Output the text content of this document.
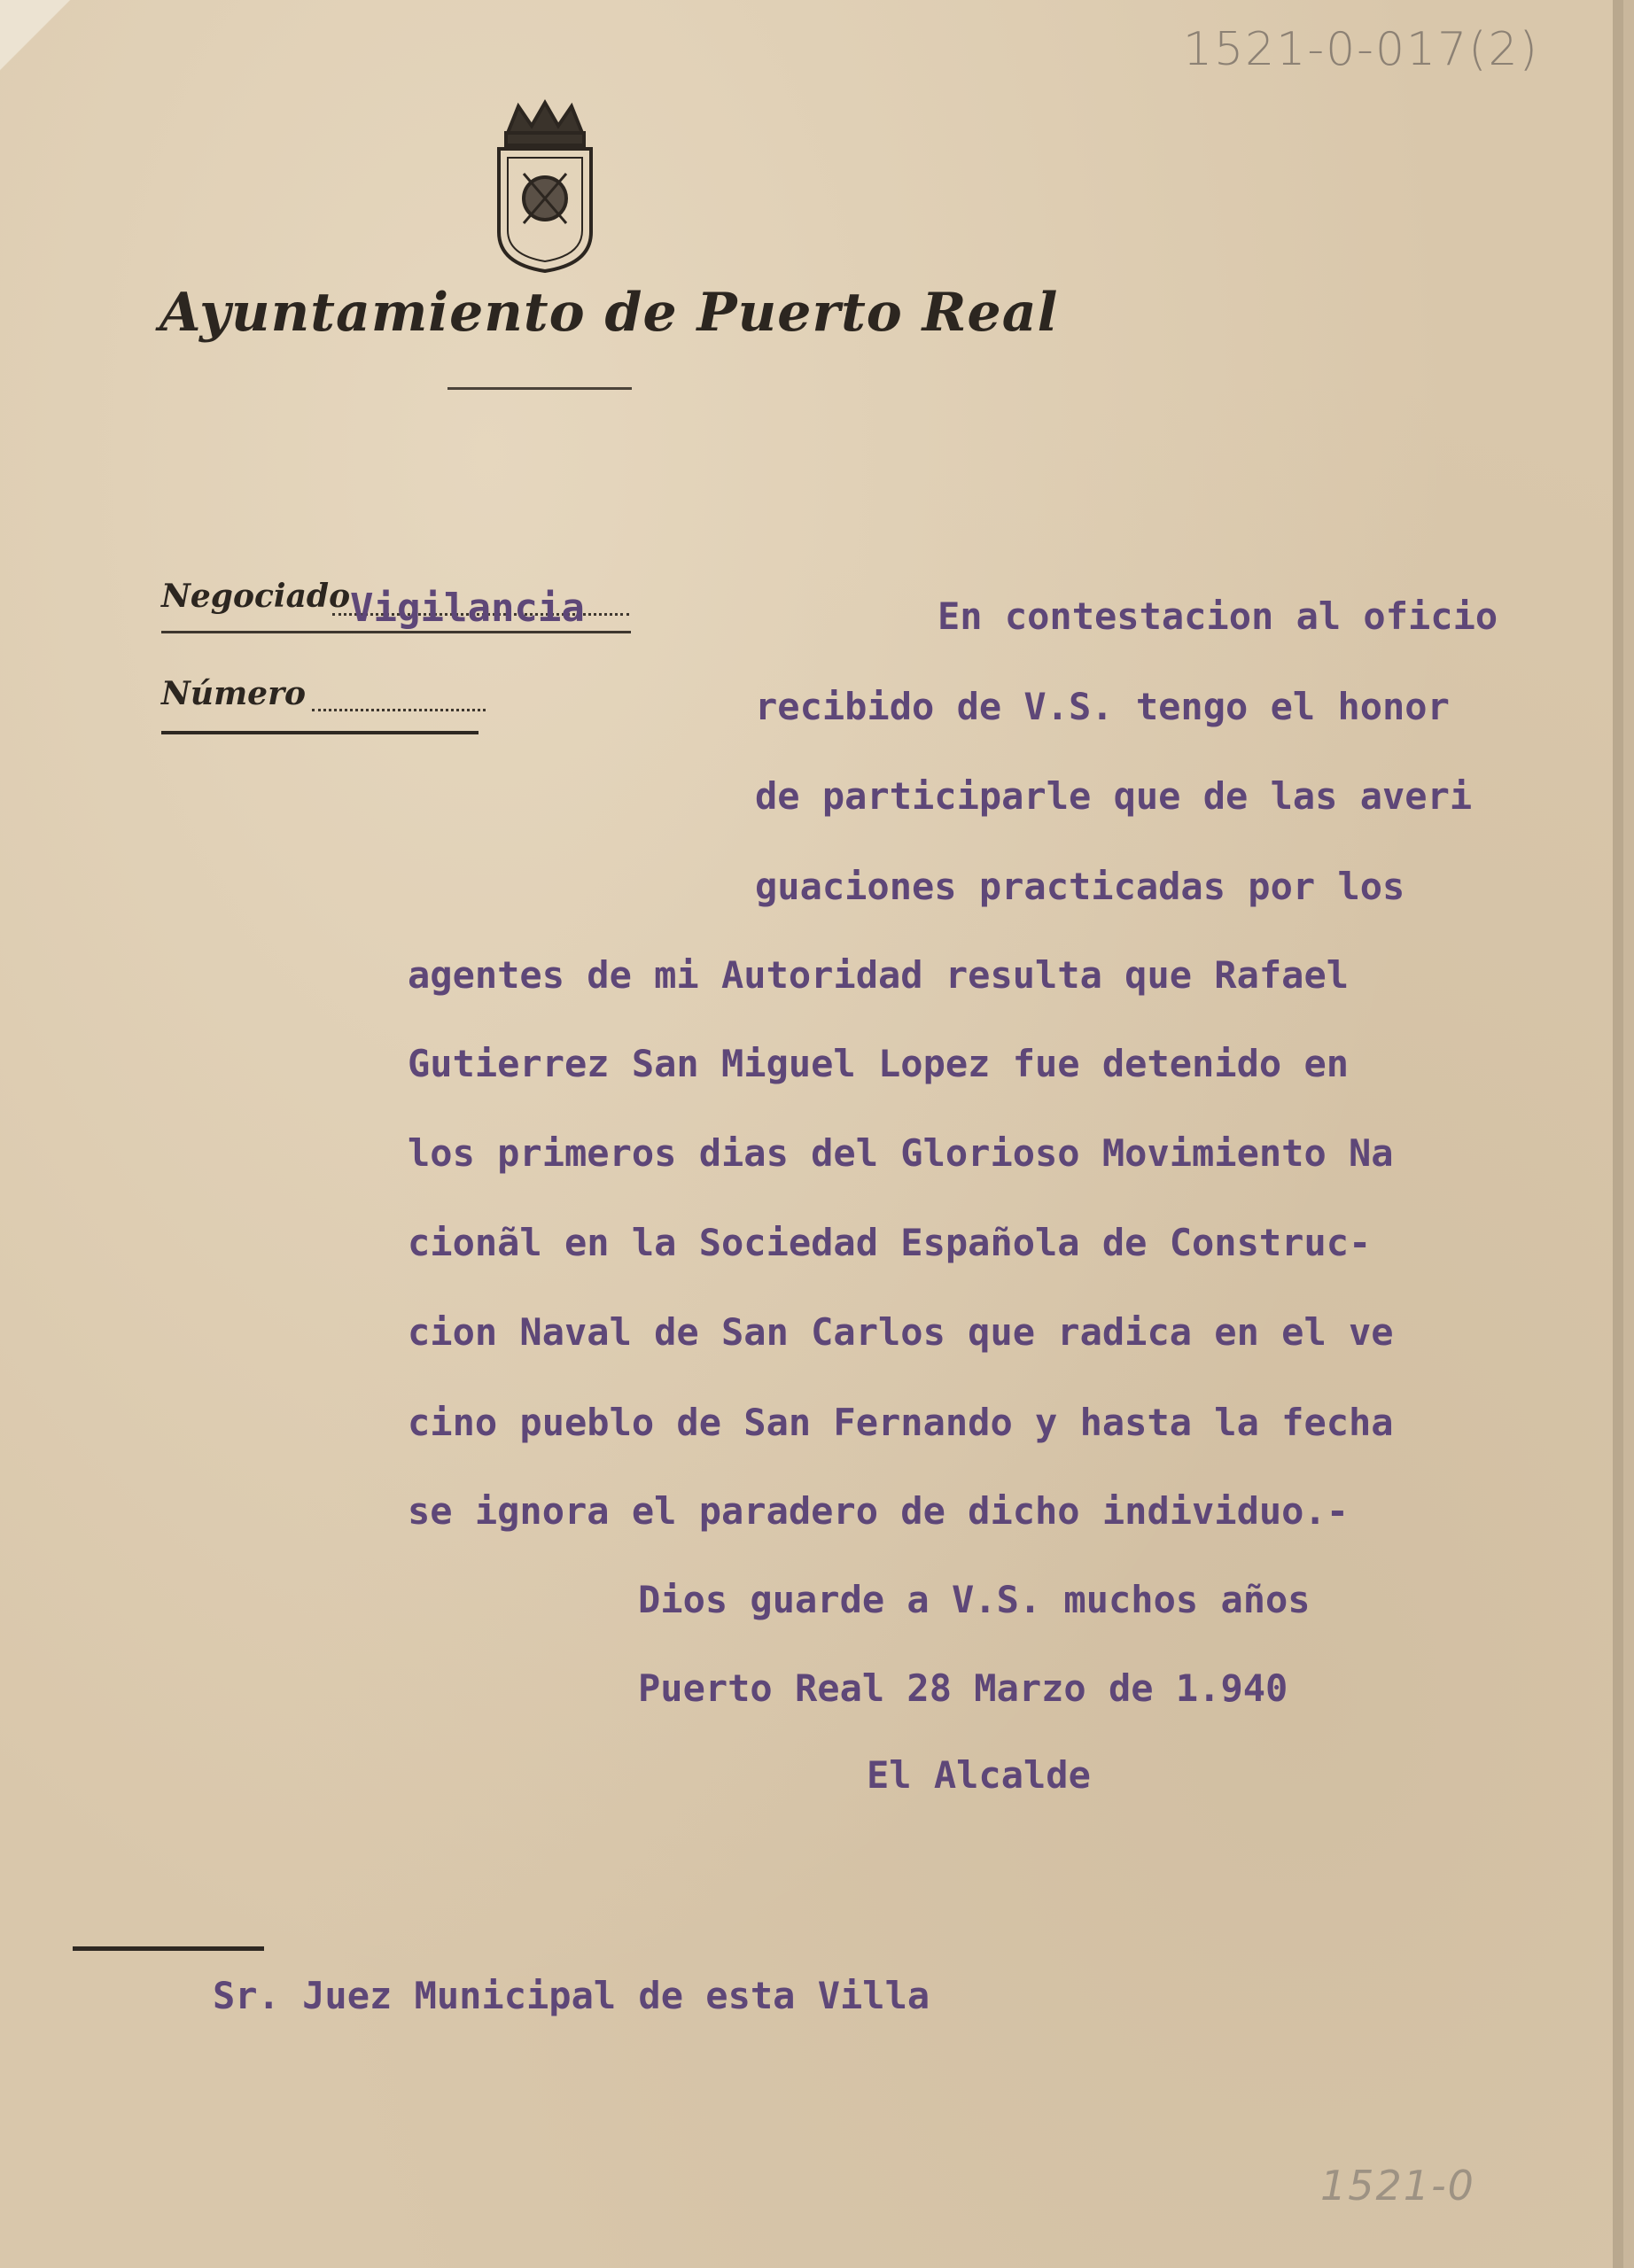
1521-0-017(2)

Ayuntamiento de Puerto Real

Negociado Vigilancia

Número

En contestacion al oficio

recibido de V.S. tengo el honor

de participarle que de las averi

guaciones practicadas por los

agentes de mi Autoridad resulta que Rafael

Gutierrez San Miguel Lopez fue detenido en

los primeros dias del Glorioso Movimiento Na

cionãl en la Sociedad Española de Construc-

cion Naval de San Carlos que radica en el ve

cino pueblo de San Fernando y hasta la fecha

se ignora el paradero de dicho individuo.-

Dios guarde a V.S. muchos años

Puerto Real 28 Marzo de 1.940

El Alcalde

Sr. Juez Municipal de esta Villa

1521-0
